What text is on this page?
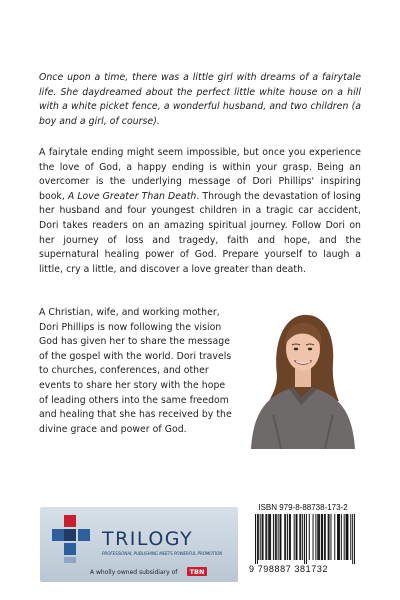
Once upon a time, there was a little girl with dreams of a fairytale life. She daydreamed about the perfect little white house on a hill with a white picket fence, a wonderful husband, and two children (a boy and a girl, of course).

A fairytale ending might seem impossible, but once you experience the love of God, a happy ending is within your grasp. Being an overcomer is the underlying message of Dori Phillips' inspiring book, A Love Greater Than Death. Through the devastation of losing her husband and four youngest children in a tragic car accident, Dori takes readers on an amazing spiritual journey. Follow Dori on her journey of loss and tragedy, faith and hope, and the supernatural healing power of God. Prepare yourself to laugh a little, cry a little, and discover a love greater than death.

A Christian, wife, and working mother, Dori Phillips is now following the vision God has given her to share the message of the gospel with the world. Dori travels to churches, conferences, and other events to share her story with the hope of leading others into the same freedom and healing that she has received by the divine grace and power of God.

TRILOGY
PROFESSIONAL PUBLISHING MEETS POWERFUL PROMOTION
A wholly owned subsidiary of TBN
ISBN 979-8-88738-173-2
9 798887 381732
